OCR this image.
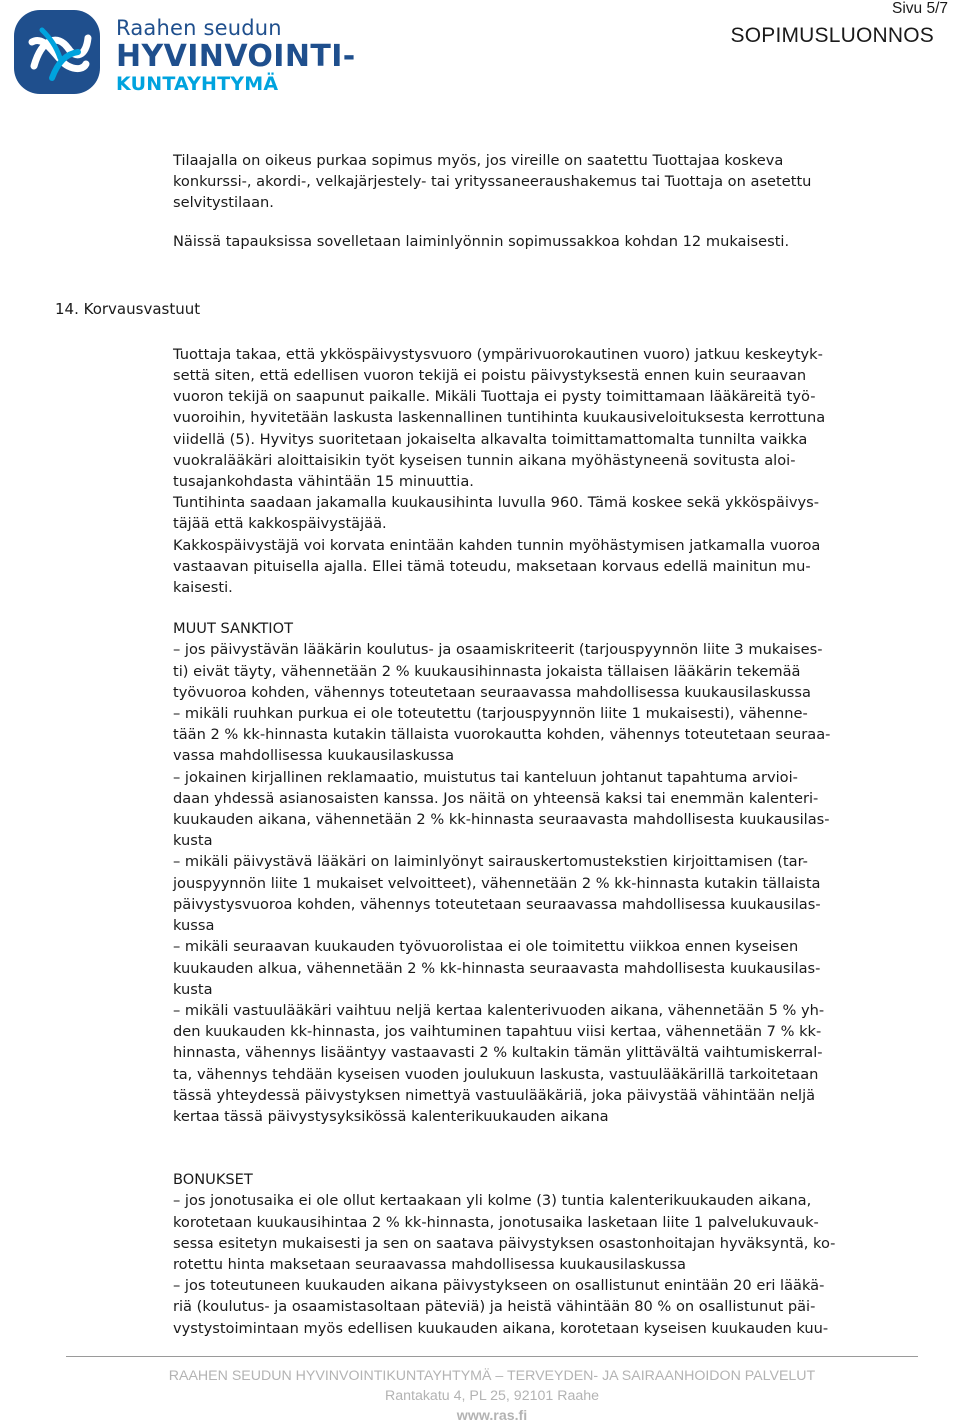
Raahen seudun
HYVINVOINTI-
KUNTAYHTYMÄ
Sivu 5/7
SOPIMUSLUONNOS
14. Korvausvastuut
Tilaajalla on oikeus purkaa sopimus myös, jos vireille on saatettu Tuottajaa koskeva
konkurssi-, akordi-, velkajärjestely- tai yrityssaneeraushakemus tai Tuottaja on asetettu
selvitystilaan.
Näissä tapauksissa sovelletaan laiminlyönnin sopimussakkoa kohdan 12 mukaisesti.
Tuottaja takaa, että ykköspäivystysvuoro (ympärivuorokautinen vuoro) jatkuu keskeytyk-
settä siten, että edellisen vuoron tekijä ei poistu päivystyksestä ennen kuin seuraavan
vuoron tekijä on saapunut paikalle. Mikäli Tuottaja ei pysty toimittamaan lääkäreitä työ-
vuoroihin, hyvitetään laskusta laskennallinen tuntihinta kuukausiveloituksesta kerrottuna
viidellä (5). Hyvitys suoritetaan jokaiselta alkavalta toimittamattomalta tunnilta vaikka
vuokralääkäri aloittaisikin työt kyseisen tunnin aikana myöhästyneenä sovitusta aloi-
tusajankohdasta vähintään 15 minuuttia.
Tuntihinta saadaan jakamalla kuukausihinta luvulla 960. Tämä koskee sekä ykköspäivys-
täjää että kakkospäivystäjää.
Kakkospäivystäjä voi korvata enintään kahden tunnin myöhästymisen jatkamalla vuoroa
vastaavan pituisella ajalla. Ellei tämä toteudu, maksetaan korvaus edellä mainitun mu-
kaisesti.
MUUT SANKTIOT
– jos päivystävän lääkärin koulutus- ja osaamiskriteerit (tarjouspyynnön liite 3 mukaises-
ti) eivät täyty, vähennetään 2 % kuukausihinnasta jokaista tällaisen lääkärin tekemää
työvuoroa kohden, vähennys toteutetaan seuraavassa mahdollisessa kuukausilaskussa
– mikäli ruuhkan purkua ei ole toteutettu (tarjouspyynnön liite 1 mukaisesti), vähenne-
tään 2 % kk-hinnasta kutakin tällaista vuorokautta kohden, vähennys toteutetaan seuraa-
vassa mahdollisessa kuukausilaskussa
– jokainen kirjallinen reklamaatio, muistutus tai kanteluun johtanut tapahtuma arvioi-
daan yhdessä asianosaisten kanssa. Jos näitä on yhteensä kaksi tai enemmän kalenteri-
kuukauden aikana, vähennetään 2 % kk-hinnasta seuraavasta mahdollisesta kuukausilas-
kusta
– mikäli päivystävä lääkäri on laiminlyönyt sairauskertomustekstien kirjoittamisen (tar-
jouspyynnön liite 1 mukaiset velvoitteet), vähennetään 2 % kk-hinnasta kutakin tällaista
päivystysvuoroa kohden, vähennys toteutetaan seuraavassa mahdollisessa kuukausilas-
kussa
– mikäli seuraavan kuukauden työvuorolistaa ei ole toimitettu viikkoa ennen kyseisen
kuukauden alkua, vähennetään 2 % kk-hinnasta seuraavasta mahdollisesta kuukausilas-
kusta
– mikäli vastuulääkäri vaihtuu neljä kertaa kalenterivuoden aikana, vähennetään 5 % yh-
den kuukauden kk-hinnasta, jos vaihtuminen tapahtuu viisi kertaa, vähennetään 7 % kk-
hinnasta, vähennys lisääntyy vastaavasti 2 % kultakin tämän ylittävältä vaihtumiskerral-
ta, vähennys tehdään kyseisen vuoden joulukuun laskusta, vastuulääkärillä tarkoitetaan
tässä yhteydessä päivystyksen nimettyä vastuulääkäriä, joka päivystää vähintään neljä
kertaa tässä päivystysyksikössä kalenterikuukauden aikana
BONUKSET
– jos jonotusaika ei ole ollut kertaakaan yli kolme (3) tuntia kalenterikuukauden aikana,
korotetaan kuukausihintaa 2 % kk-hinnasta, jonotusaika lasketaan liite 1 palvelukuvauk-
sessa esitetyn mukaisesti ja sen on saatava päivystyksen osastonhoitajan hyväksyntä, ko-
rotettu hinta maksetaan seuraavassa mahdollisessa kuukausilaskussa
– jos toteutuneen kuukauden aikana päivystykseen on osallistunut enintään 20 eri lääkä-
riä (koulutus- ja osaamistasoltaan päteviä) ja heistä vähintään 80 % on osallistunut päi-
vystystoimintaan myös edellisen kuukauden aikana, korotetaan kyseisen kuukauden kuu-
RAAHEN SEUDUN HYVINVOINTIKUNTAYHTYMÄ – TERVEYDEN- JA SAIRAANHOIDON PALVELUT
Rantakatu 4, PL 25, 92101 Raahe
www.ras.fi
